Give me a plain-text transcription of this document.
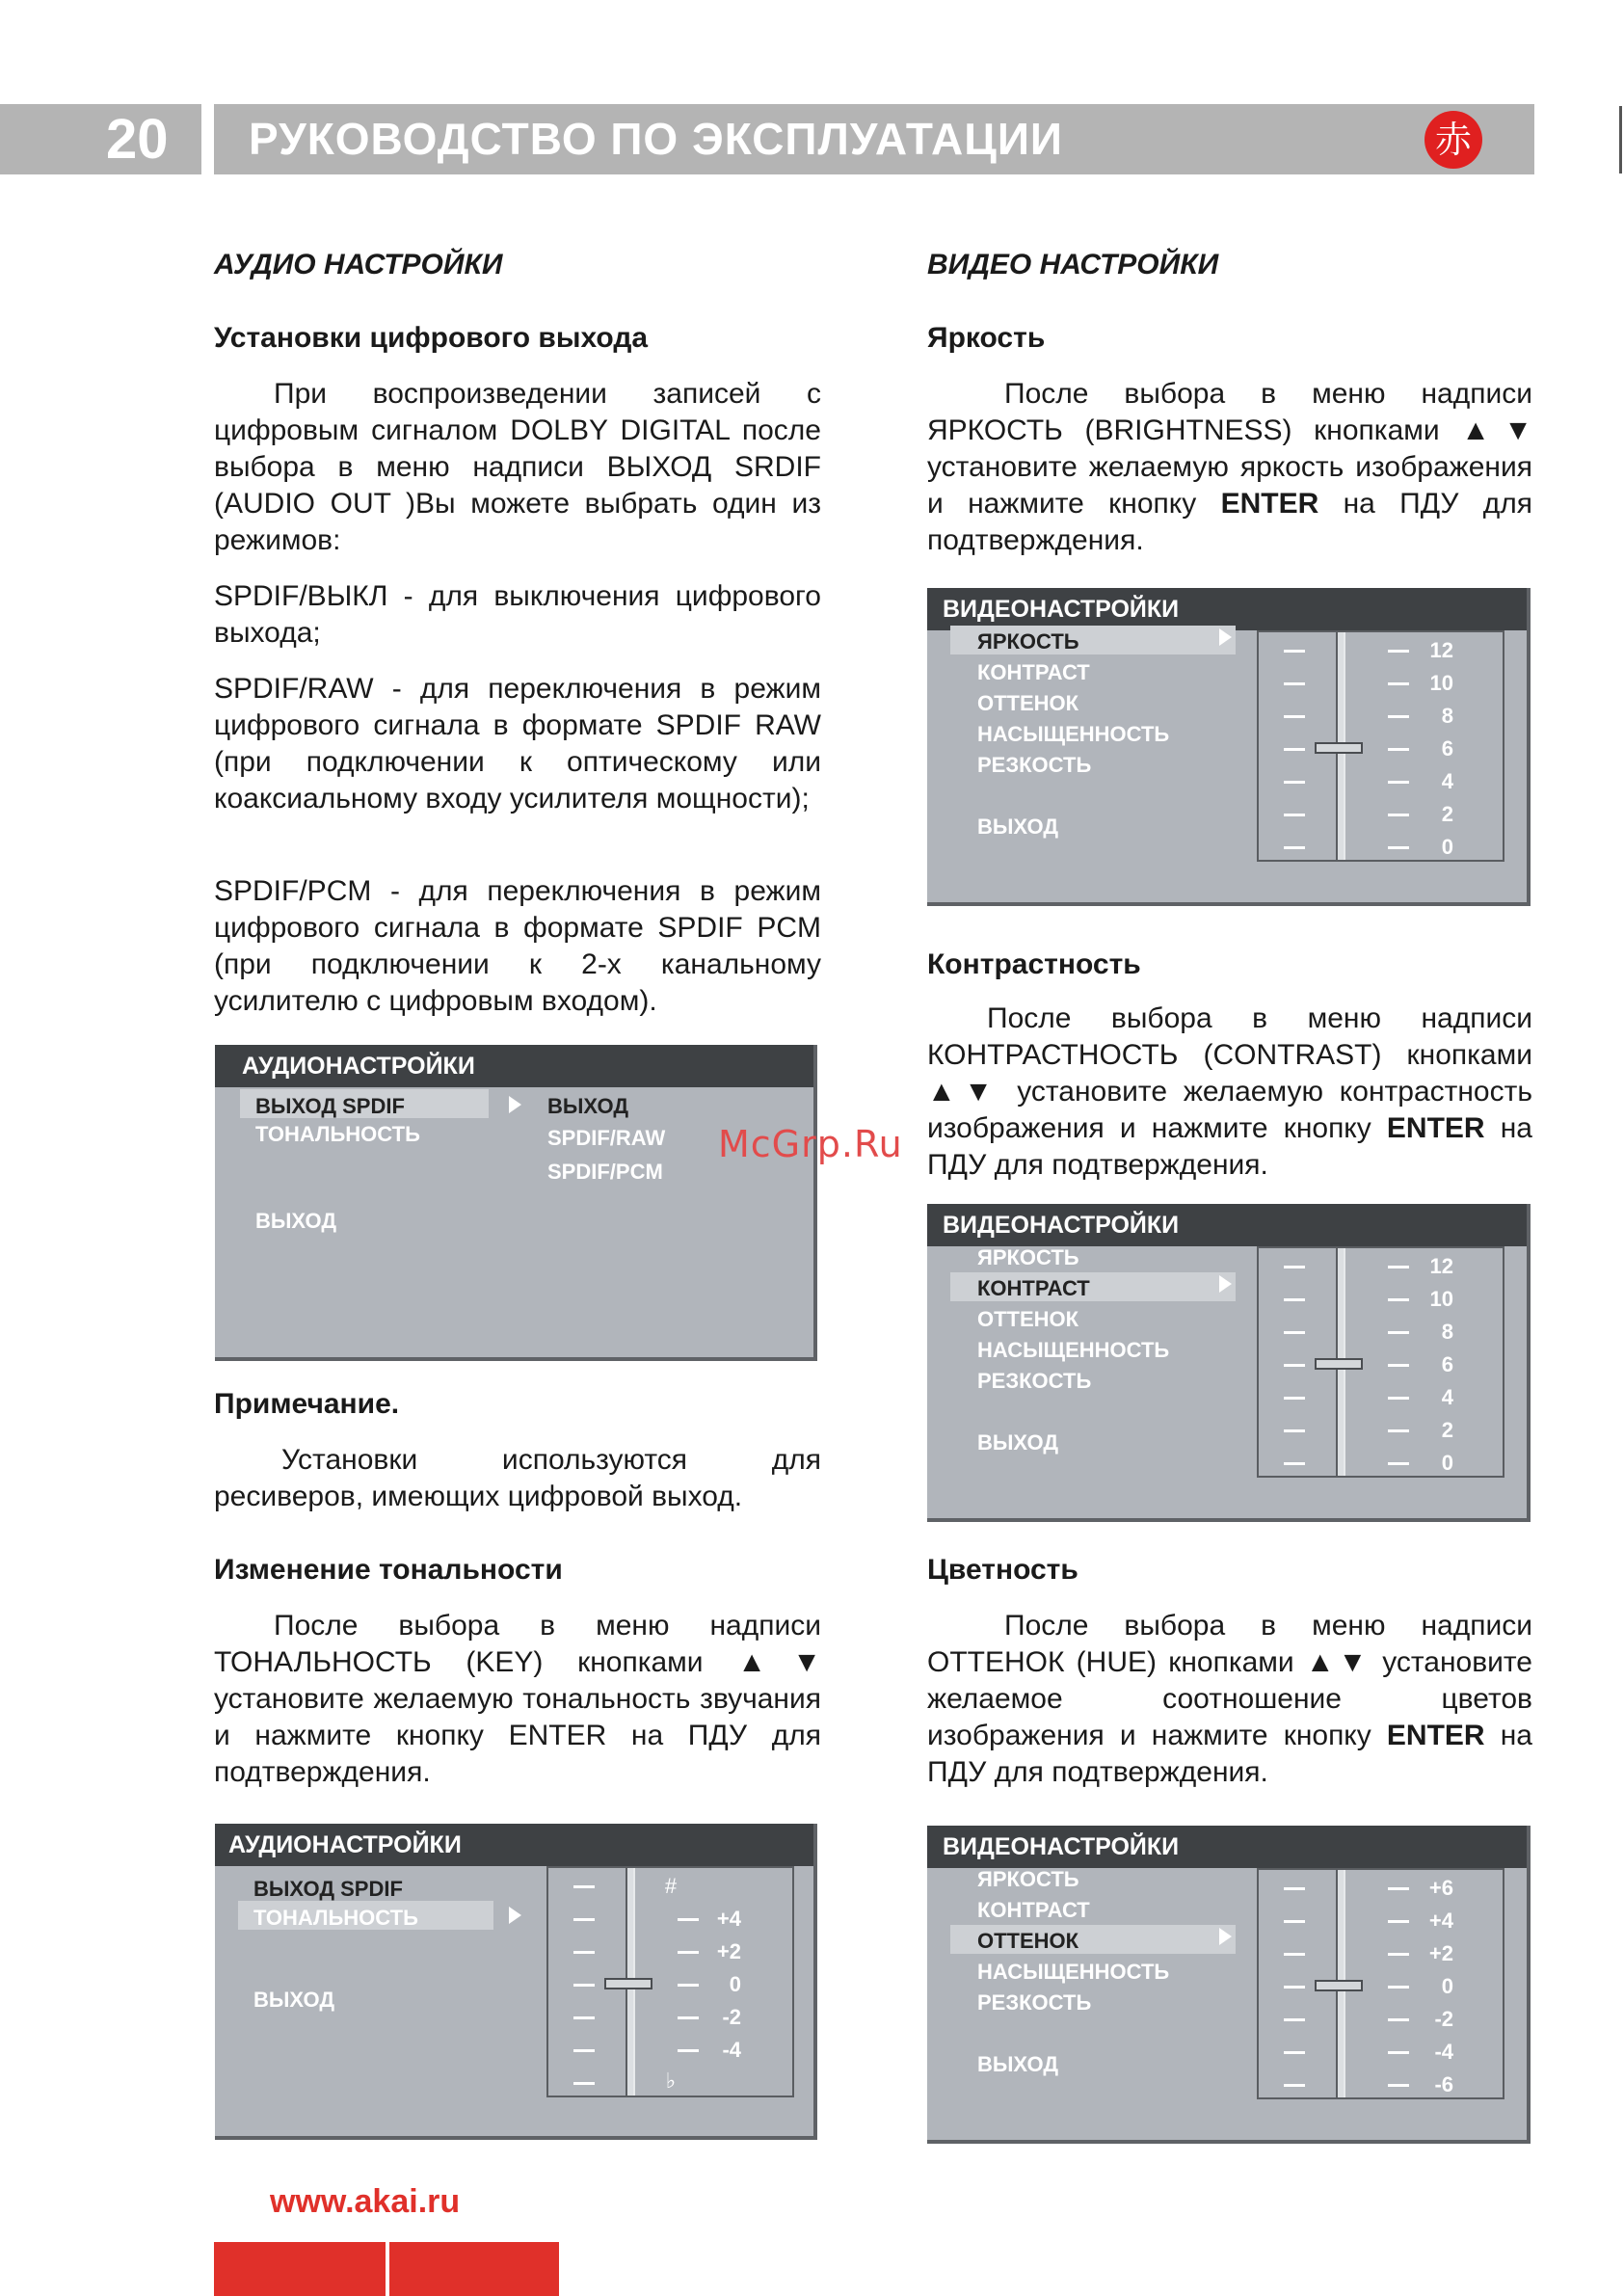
20	РУКОВОДСТВО ПО ЭКСПЛУАТАЦИИ	赤
АУДИО НАСТРОЙКИ
Установки цифрового выхода
При воспроизведении записей с цифровым сигналом DOLBY DIGITAL после выбора в меню надписи ВЫХОД SRDIF (AUDIO OUT )Вы можете выбрать один из режимов:
SPDIF/ВЫКЛ - для выключения цифрового выхода;
SPDIF/RAW - для переключения в режим цифрового сигнала в формате SPDIF RAW (при подключении к оптическому или коаксиальному входу усилителя мощности);
SPDIF/PCM - для переключения в режим цифрового сигнала в формате SPDIF PCM (при подключении к 2-х канальному усилителю с цифровым входом).
АУДИОНАСТРОЙКИ
ВЫХОД SPDIF
ТОНАЛЬНОСТЬ
ВЫХОД
ВЫХОД
SPDIF/RAW
SPDIF/PCM
Примечание.
Установки используются для ресиверов, имеющих цифровой выход.
Изменение тональности
После выбора в меню надписи ТОНАЛЬНОСТЬ (KEY) кнопками ▲▼ установите желаемую тональность звучания и нажмите кнопку ENTER на ПДУ для подтверждения.
АУДИОНАСТРОЙКИ
ВЫХОД SPDIF
ТОНАЛЬНОСТЬ
ВЫХОД
#
+4
+2
0
-2
-4
♭
ВИДЕО НАСТРОЙКИ
Яркость
После выбора в меню надписи ЯРКОСТЬ (BRIGHTNESS) кнопками ▲▼ установите желаемую яркость изображения и нажмите кнопку ENTER на ПДУ для подтверждения.
ВИДЕОНАСТРОЙКИ
ЯРКОСТЬ
КОНТРАСТ
ОТТЕНОК
НАСЫЩЕННОСТЬ
РЕЗКОСТЬ
ВЫХОД
12
10
8
6
4
2
0
Контрастность
После выбора в меню надписи КОНТРАСТНОСТЬ (CONTRAST) кнопками ▲▼ установите желаемую контрастность изображения и нажмите кнопку ENTER на ПДУ для подтверждения.
ВИДЕОНАСТРОЙКИ
ЯРКОСТЬ
КОНТРАСТ
ОТТЕНОК
НАСЫЩЕННОСТЬ
РЕЗКОСТЬ
ВЫХОД
12
10
8
6
4
2
0
Цветность
После выбора в меню надписи ОТТЕНОК (HUE) кнопками ▲▼ установите желаемое соотношение цветов изображения и нажмите кнопку ENTER на ПДУ для подтверждения.
ВИДЕОНАСТРОЙКИ
ЯРКОСТЬ
КОНТРАСТ
ОТТЕНОК
НАСЫЩЕННОСТЬ
РЕЗКОСТЬ
ВЫХОД
+6
+4
+2
0
-2
-4
-6
McGrp.Ru
www.akai.ru
